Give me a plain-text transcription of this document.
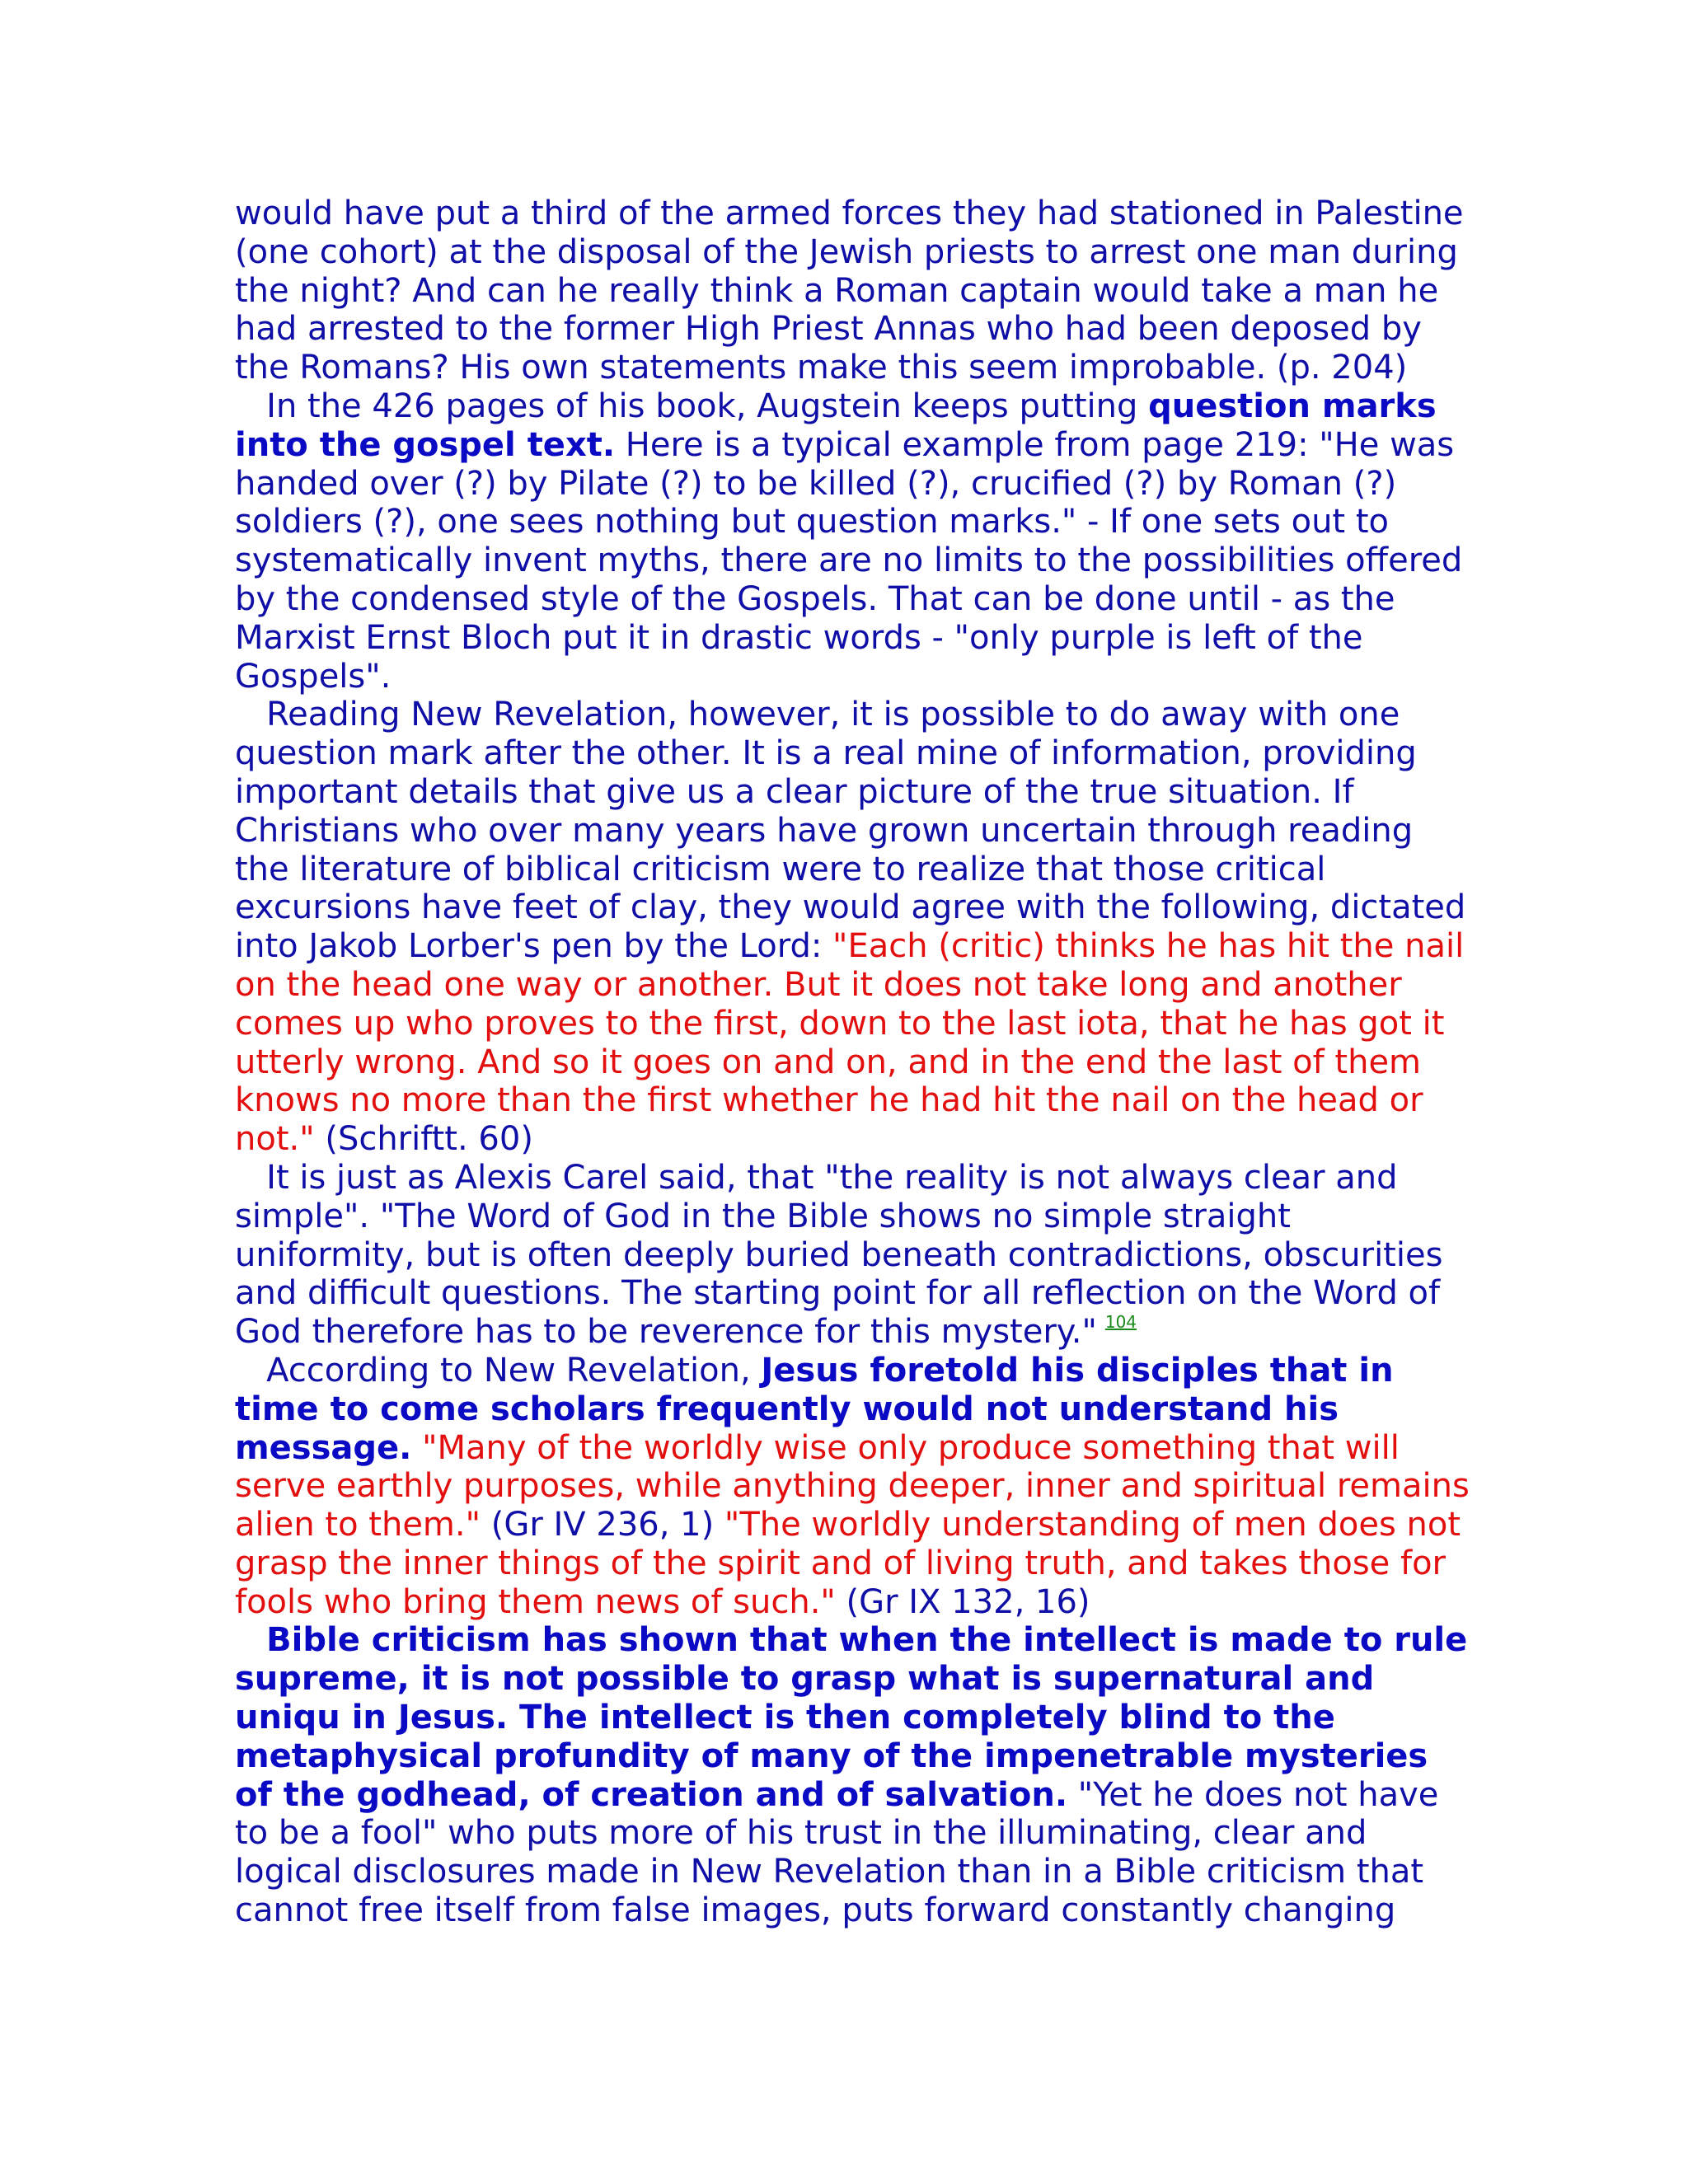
would have put a third of the armed forces they had stationed in Palestine (one cohort) at the disposal of the Jewish priests to arrest one man during the night? And can he really think a Roman captain would take a man he had arrested to the former High Priest Annas who had been deposed by the Romans? His own statements make this seem improbable. (p. 204)

In the 426 pages of his book, Augstein keeps putting question marks into the gospel text. Here is a typical example from page 219: "He was handed over (?) by Pilate (?) to be killed (?), crucified (?) by Roman (?) soldiers (?), one sees nothing but question marks." - If one sets out to systematically invent myths, there are no limits to the possibilities offered by the condensed style of the Gospels. That can be done until - as the Marxist Ernst Bloch put it in drastic words - "only purple is left of the Gospels".

Reading New Revelation, however, it is possible to do away with one question mark after the other. It is a real mine of information, providing important details that give us a clear picture of the true situation. If Christians who over many years have grown uncertain through reading the literature of biblical criticism were to realize that those critical excursions have feet of clay, they would agree with the following, dictated into Jakob Lorber's pen by the Lord: "Each (critic) thinks he has hit the nail on the head one way or another. But it does not take long and another comes up who proves to the first, down to the last iota, that he has got it utterly wrong. And so it goes on and on, and in the end the last of them knows no more than the first whether he had hit the nail on the head or not." (Schriftt. 60)

It is just as Alexis Carel said, that "the reality is not always clear and simple". "The Word of God in the Bible shows no simple straight uniformity, but is often deeply buried beneath contradictions, obscurities and difficult questions. The starting point for all reflection on the Word of God therefore has to be reverence for this mystery." $^{104}$

According to New Revelation, Jesus foretold his disciples that in time to come scholars frequently would not understand his message. "Many of the worldly wise only produce something that will serve earthly purposes, while anything deeper, inner and spiritual remains alien to them." (Gr IV 236, 1) "The worldly understanding of men does not grasp the inner things of the spirit and of living truth, and takes those for fools who bring them news of such." (Gr IX 132, 16)

Bible criticism has shown that when the intellect is made to rule supreme, it is not possible to grasp what is supernatural and uniqu in Jesus. The intellect is then completely blind to the metaphysical profundity of many of the impenetrable mysteries of the godhead, of creation and of salvation. "Yet he does not have to be a fool" who puts more of his trust in the illuminating, clear and logical disclosures made in New Revelation than in a Bible criticism that cannot free itself from false images, puts forward constantly changing
